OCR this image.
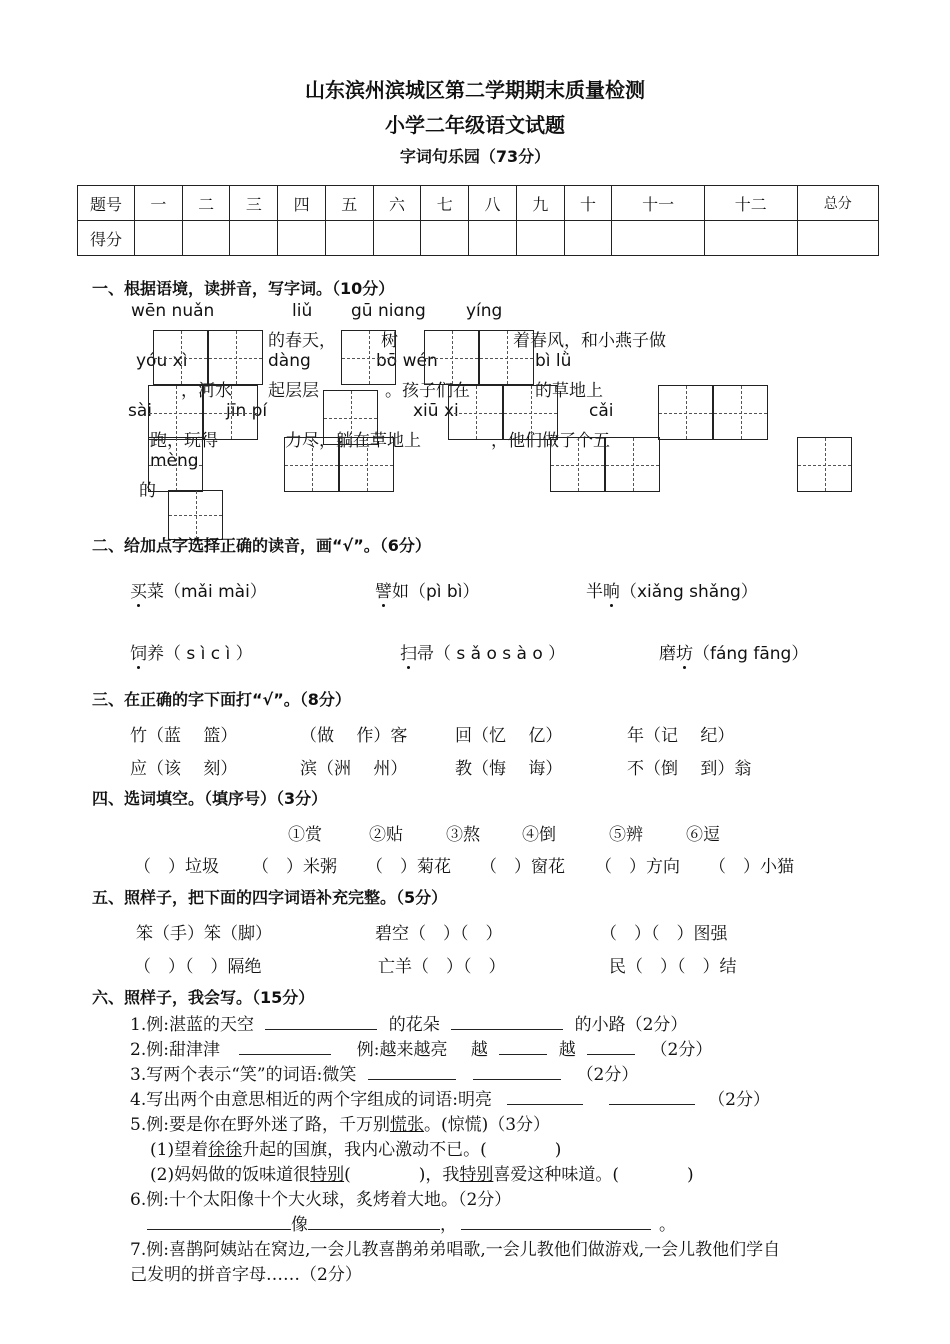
山东滨州滨城区第二学期期末质量检测
小学二年级语文试题
字词句乐园（73分）
题号	一	二	三	四	五	六	七	八	九	十	十一	十二	总分
得分													
一、根据语境，读拼音，写字词。（10分）
wēn nuǎn	liǔ gū niɑng yíng
的春天，	树	着春风，和小燕子做
yóu xì	dàng	bō wén	bì lǜ
，河水 起层层	。孩子们在	的草地上
sài	jīn pí	xiū xi	cǎi
跑，玩得	力尽，躺在草地上	，他们做了个五
mèng
的
二、给加点字选择正确的读音，画“√”。（6分）
买菜（mǎi mài）	譬如（pì bì）	半晌（xiǎng shǎng）
饲养（ s ì c ì ）	扫帚（ s ǎ o s à o ）	磨坊（fáng fāng）
三、在正确的字下面打“√”。（8分）
竹（蓝　 篮）	（做　 作）客	回（忆　 亿）	年（记　 纪）
应（该　 刻）	滨（洲　 州）	教（悔　 诲）	不（倒　 到）翁
四、选词填空。（填序号）（3分）
①赏	②贴	③熬 ④倒	⑤辨	⑥逗
（　）垃圾 （　）米粥 （　）菊花 （　）窗花 （　）方向 （　）小猫
五、照样子，把下面的四字词语补充完整。（5分）
笨（手）笨（脚）	碧空（　）（　）	（　）（　）图强
（　）（　）隔绝	亡羊（　）（　）	民（　）（　）结
六、照样子，我会写。（15分）
1.例:湛蓝的天空	的花朵	的小路（2分）
2.例:甜津津	例:越来越亮 越	越	（2分）
3.写两个表示“笑”的词语:微笑	（2分）
4.写出两个由意思相近的两个字组成的词语:明亮	（2分）
5.例:要是你在野外迷了路，千万别慌张。(惊慌)（3分）
(1)望着徐徐升起的国旗，我内心激动不已。(　　　　)
(2)妈妈做的饭味道很特别(　　　　)，我特别喜爱这种味道。(　　　　)
6.例:十个太阳像十个大火球，炙烤着大地。（2分）
像	，	。
7.例:喜鹊阿姨站在窝边,一会儿教喜鹊弟弟唱歌,一会儿教他们做游戏,一会儿教他们学自
己发明的拼音字母……（2分）
